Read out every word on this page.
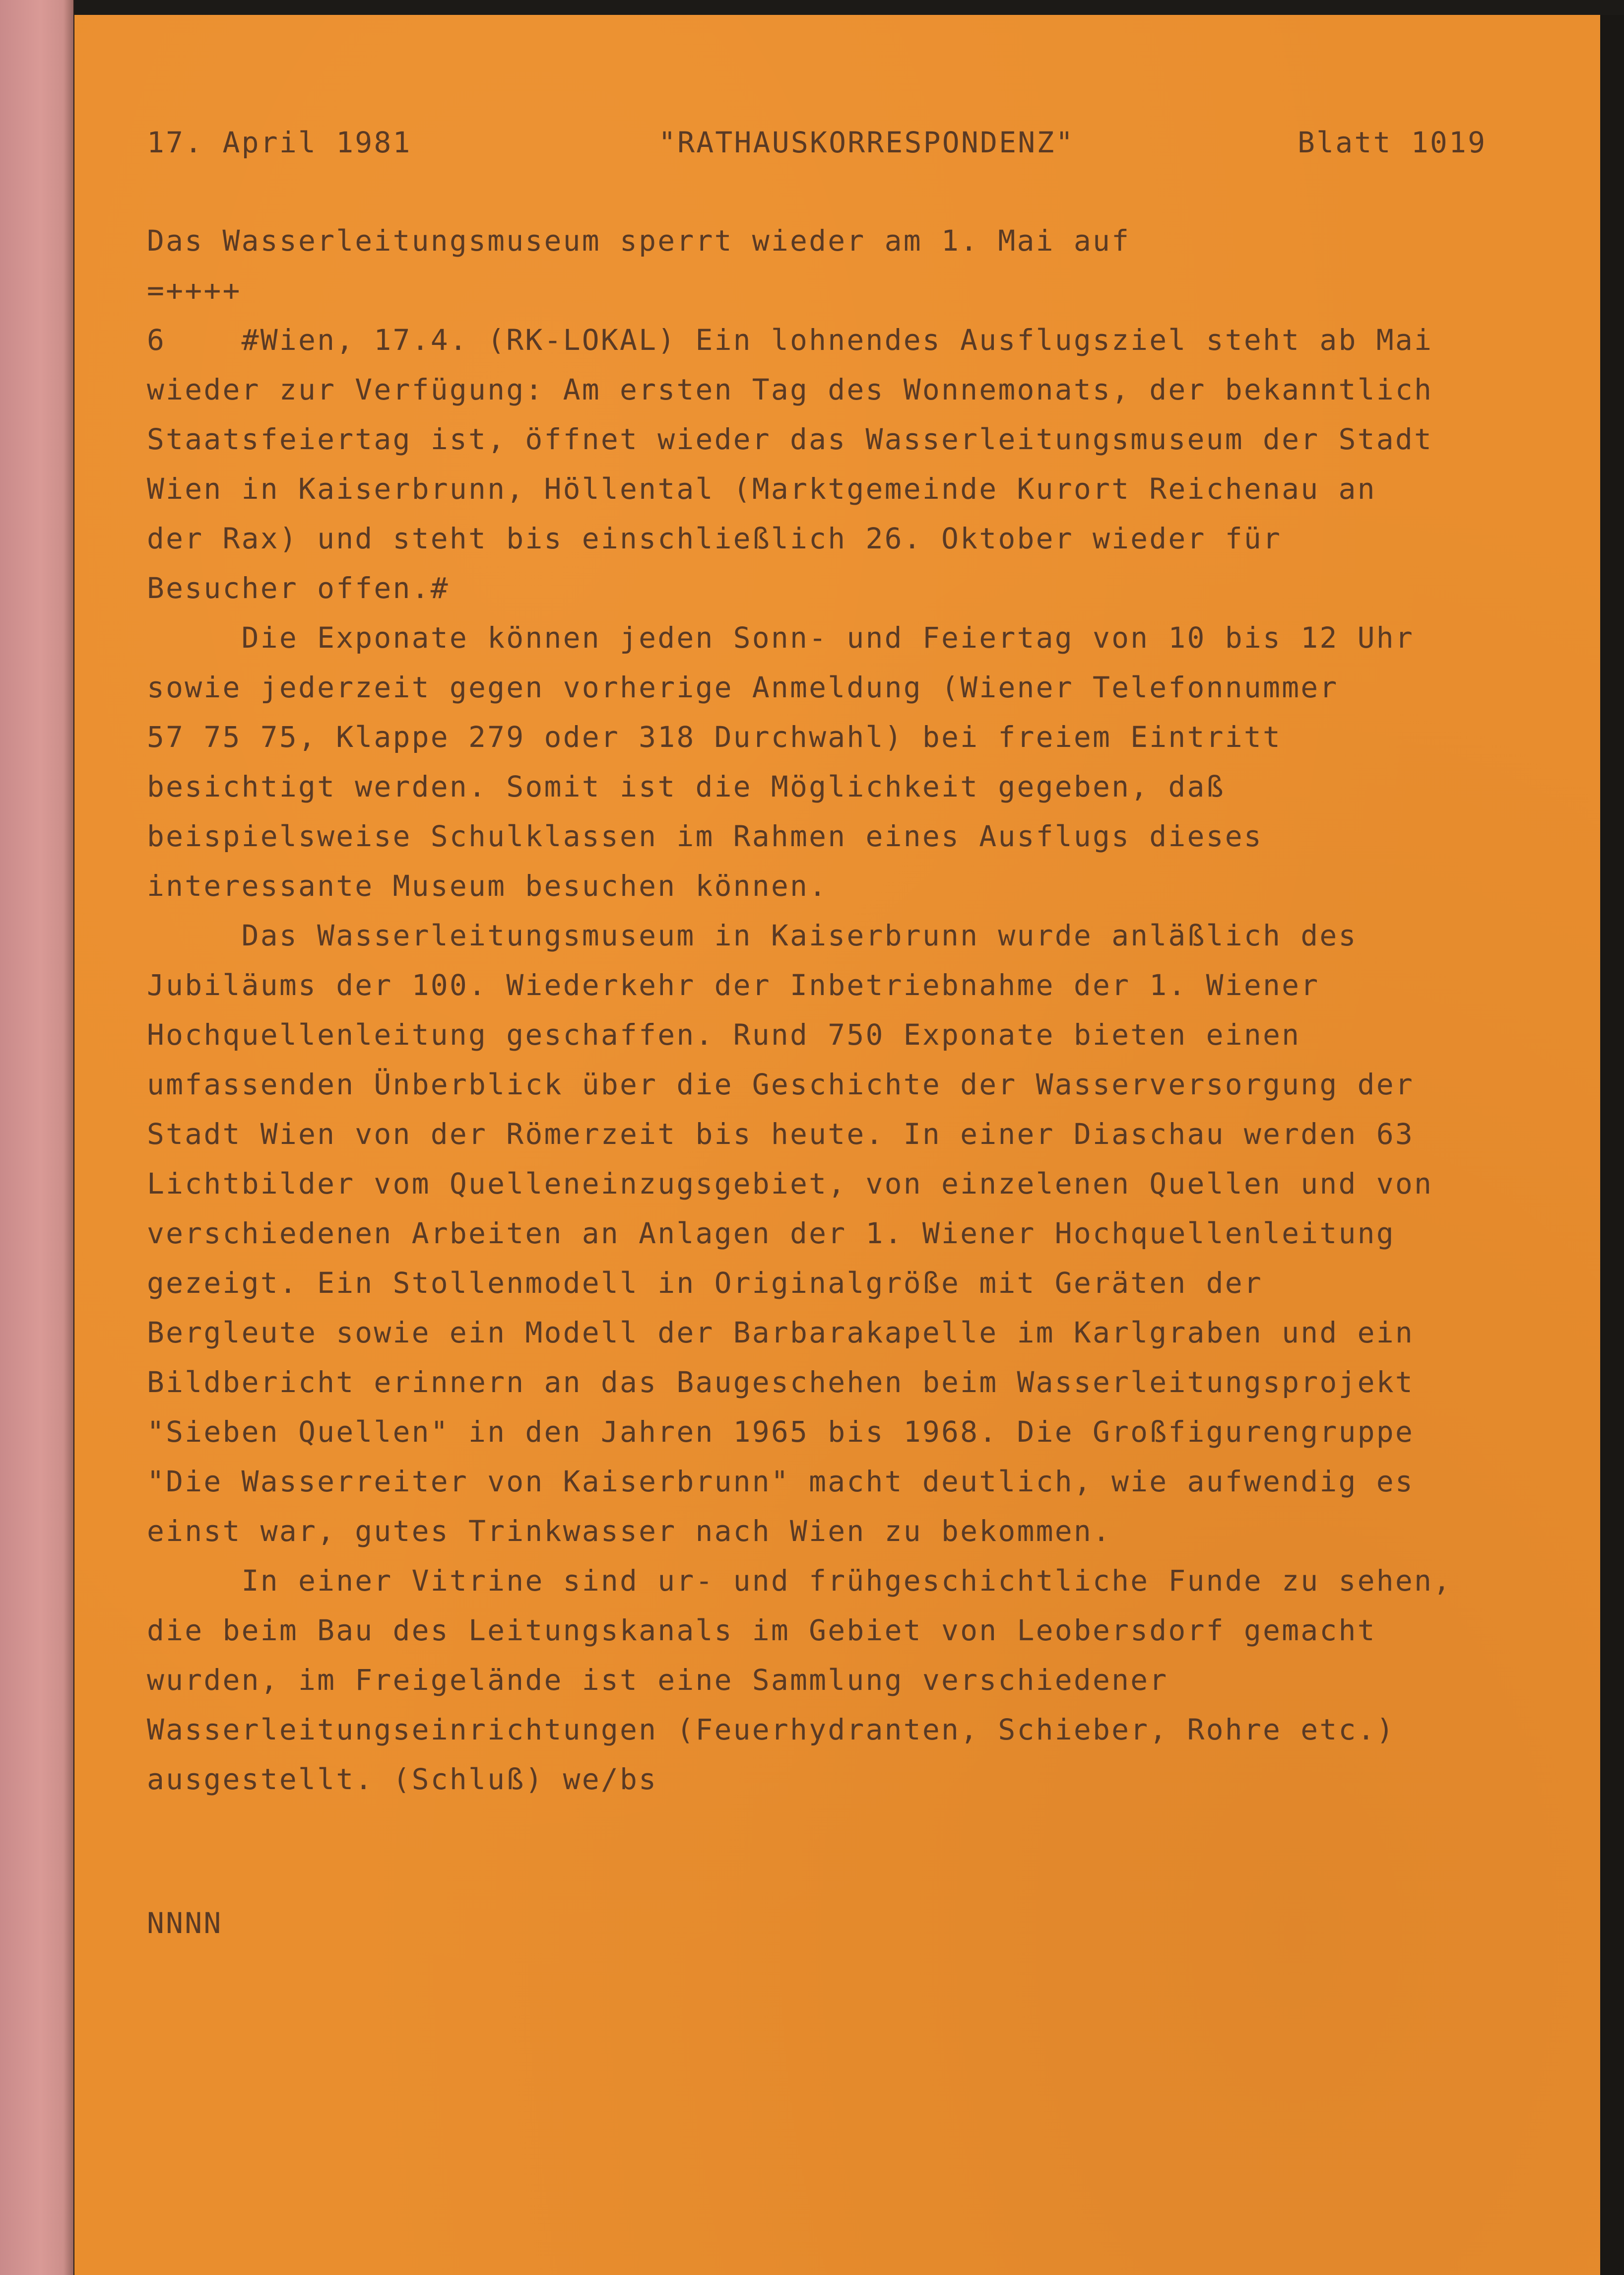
17. April 1981	"RATHAUSKORRESPONDENZ"	Blatt 1019
Das Wasserleitungsmuseum sperrt wieder am 1. Mai auf
=++++
6    #Wien, 17.4. (RK-LOKAL) Ein lohnendes Ausflugsziel steht ab Mai
wieder zur Verfügung: Am ersten Tag des Wonnemonats, der bekanntlich
Staatsfeiertag ist, öffnet wieder das Wasserleitungsmuseum der Stadt
Wien in Kaiserbrunn, Höllental (Marktgemeinde Kurort Reichenau an
der Rax) und steht bis einschließlich 26. Oktober wieder für
Besucher offen.#
Die Exponate können jeden Sonn- und Feiertag von 10 bis 12 Uhr
sowie jederzeit gegen vorherige Anmeldung (Wiener Telefonnummer
57 75 75, Klappe 279 oder 318 Durchwahl) bei freiem Eintritt
besichtigt werden. Somit ist die Möglichkeit gegeben, daß
beispielsweise Schulklassen im Rahmen eines Ausflugs dieses
interessante Museum besuchen können.
Das Wasserleitungsmuseum in Kaiserbrunn wurde anläßlich des
Jubiläums der 100. Wiederkehr der Inbetriebnahme der 1. Wiener
Hochquellenleitung geschaffen. Rund 750 Exponate bieten einen
umfassenden Ünberblick über die Geschichte der Wasserversorgung der
Stadt Wien von der Römerzeit bis heute. In einer Diaschau werden 63
Lichtbilder vom Quelleneinzugsgebiet, von einzelenen Quellen und von
verschiedenen Arbeiten an Anlagen der 1. Wiener Hochquellenleitung
gezeigt. Ein Stollenmodell in Originalgröße mit Geräten der
Bergleute sowie ein Modell der Barbarakapelle im Karlgraben und ein
Bildbericht erinnern an das Baugeschehen beim Wasserleitungsprojekt
"Sieben Quellen" in den Jahren 1965 bis 1968. Die Großfigurengruppe
"Die Wasserreiter von Kaiserbrunn" macht deutlich, wie aufwendig es
einst war, gutes Trinkwasser nach Wien zu bekommen.
In einer Vitrine sind ur- und frühgeschichtliche Funde zu sehen,
die beim Bau des Leitungskanals im Gebiet von Leobersdorf gemacht
wurden, im Freigelände ist eine Sammlung verschiedener
Wasserleitungseinrichtungen (Feuerhydranten, Schieber, Rohre etc.)
ausgestellt. (Schluß) we/bs
NNNN
